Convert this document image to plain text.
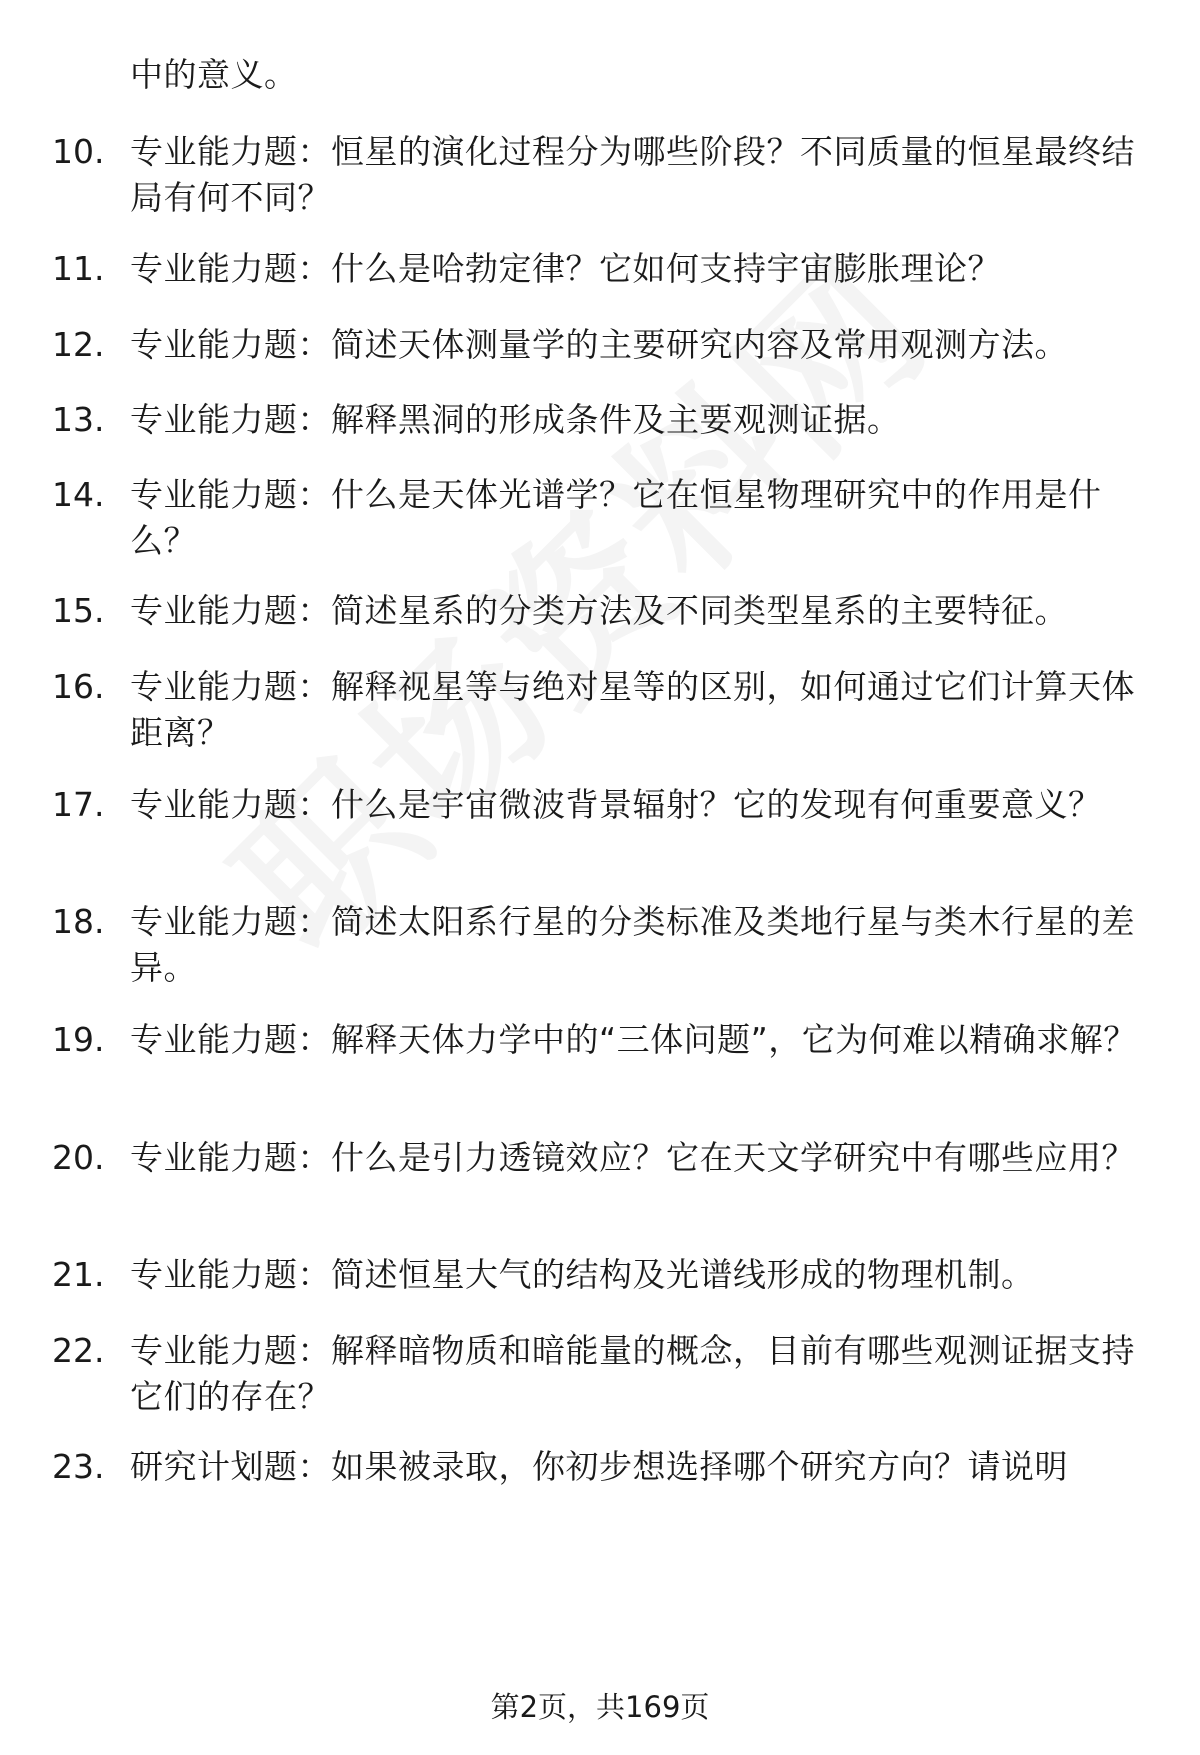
中的意义。
10. 专业能力题：恒星的演化过程分为哪些阶段？不同质量的恒星最终结局有何不同？
11. 专业能力题：什么是哈勃定律？它如何支持宇宙膨胀理论？
12. 专业能力题：简述天体测量学的主要研究内容及常用观测方法。
13. 专业能力题：解释黑洞的形成条件及主要观测证据。
14. 专业能力题：什么是天体光谱学？它在恒星物理研究中的作用是什么？
15. 专业能力题：简述星系的分类方法及不同类型星系的主要特征。
16. 专业能力题：解释视星等与绝对星等的区别，如何通过它们计算天体距离？
17. 专业能力题：什么是宇宙微波背景辐射？它的发现有何重要意义？
18. 专业能力题：简述太阳系行星的分类标准及类地行星与类木行星的差异。
19. 专业能力题：解释天体力学中的“三体问题”，它为何难以精确求解？
20. 专业能力题：什么是引力透镜效应？它在天文学研究中有哪些应用？
21. 专业能力题：简述恒星大气的结构及光谱线形成的物理机制。
22. 专业能力题：解释暗物质和暗能量的概念，目前有哪些观测证据支持它们的存在？
23. 研究计划题：如果被录取，你初步想选择哪个研究方向？请说明
第2页，共169页
